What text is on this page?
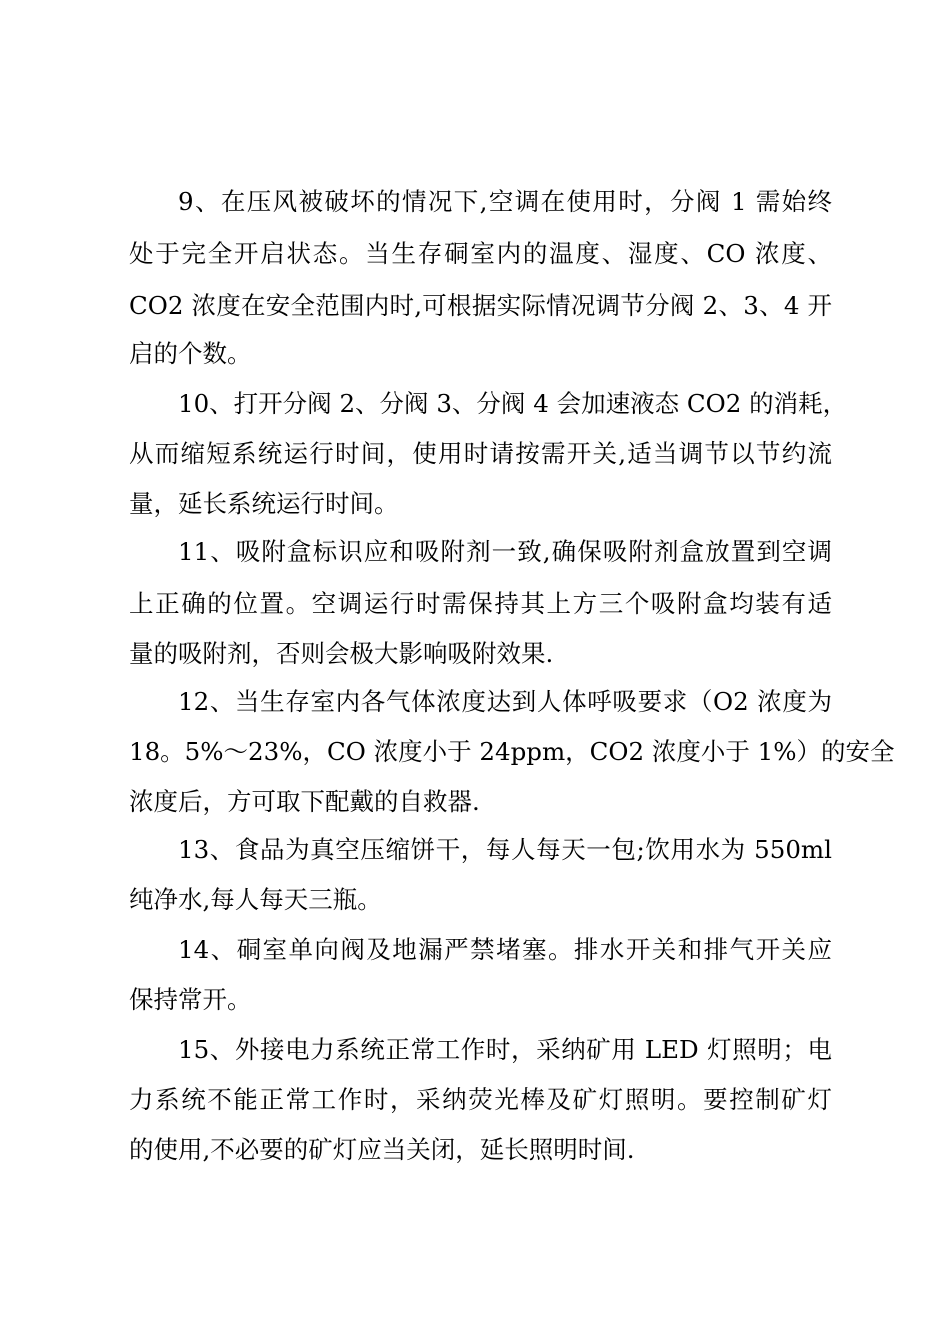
9、在压风被破坏的情况下,空调在使用时，分阀 1 需始终
处于完全开启状态。当生存硐室内的温度、湿度、CO 浓度、
CO2 浓度在安全范围内时,可根据实际情况调节分阀 2、3、4 开
启的个数。
10、打开分阀 2、分阀 3、分阀 4 会加速液态 CO2 的消耗，
从而缩短系统运行时间，使用时请按需开关,适当调节以节约流
量，延长系统运行时间。
11、吸附盒标识应和吸附剂一致,确保吸附剂盒放置到空调
上正确的位置。空调运行时需保持其上方三个吸附盒均装有适
量的吸附剂，否则会极大影响吸附效果.
12、当生存室内各气体浓度达到人体呼吸要求（O2 浓度为
18。5%～23%，CO 浓度小于 24ppm，CO2 浓度小于 1%）的安全
浓度后，方可取下配戴的自救器.
13、食品为真空压缩饼干，每人每天一包;饮用水为 550ml
纯净水,每人每天三瓶。
14、硐室单向阀及地漏严禁堵塞。排水开关和排气开关应
保持常开。
15、外接电力系统正常工作时，采纳矿用 LED 灯照明；电
力系统不能正常工作时，采纳荧光棒及矿灯照明。要控制矿灯
的使用,不必要的矿灯应当关闭，延长照明时间.
